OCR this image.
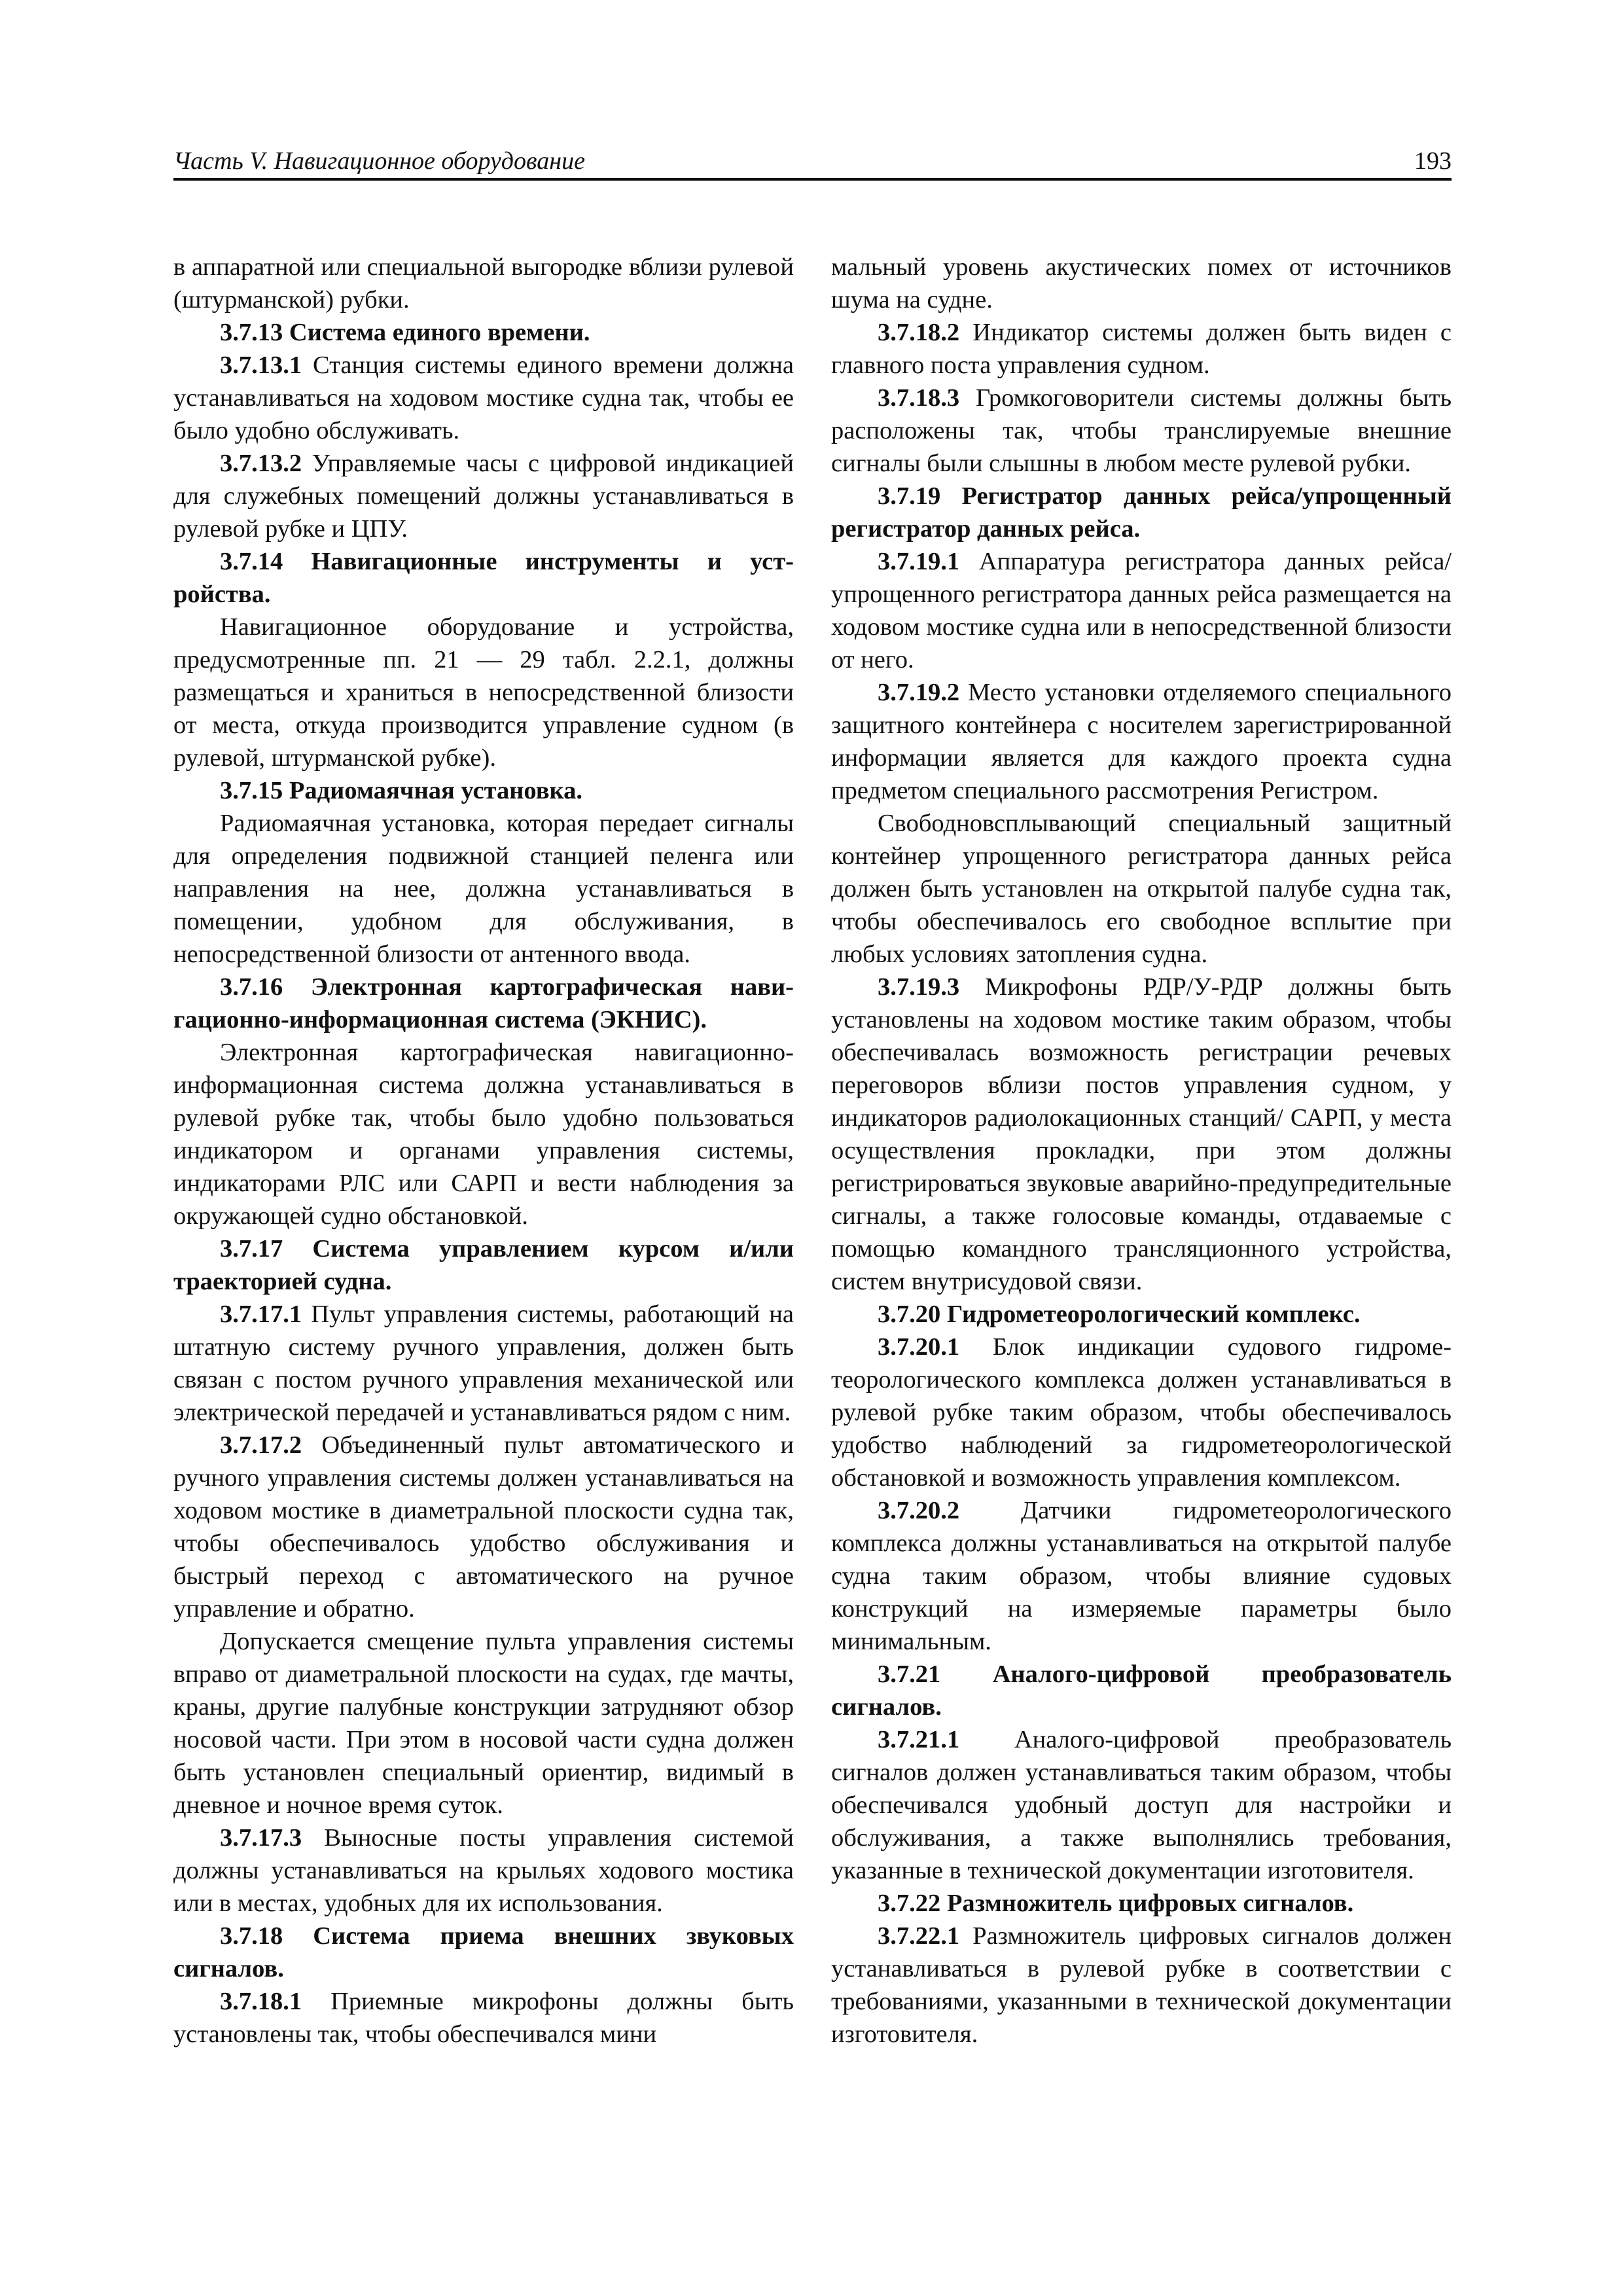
Часть V. Навигационное оборудование	193

в аппаратной или специальной выгородке вблизи рулевой (штурманской) рубки.

3.7.13 Система единого времени.

3.7.13.1 Станция системы единого времени должна устанавливаться на ходовом мостике судна так, чтобы ее было удобно обслуживать.

3.7.13.2 Управляемые часы с цифровой индикацией для служебных помещений должны устанавливаться в рулевой рубке и ЦПУ.

3.7.14 Навигационные инструменты и устройства.

Навигационное оборудование и устройства, предусмотренные пп. 21 — 29 табл. 2.2.1, должны размещаться и храниться в непосредственной близости от места, откуда производится управление судном (в рулевой, штурманской рубке).

3.7.15 Радиомаячная установка.

Радиомаячная установка, которая передает сигналы для определения подвижной станцией пеленга или направления на нее, должна устанавливаться в помещении, удобном для обслуживания, в непосредственной близости от антенного ввода.

3.7.16 Электронная картографическая навигационно-информационная система (ЭКНИС).

Электронная картографическая навигационно-информационная система должна устанавливаться в рулевой рубке так, чтобы было удобно пользоваться индикатором и органами управления системы, индикаторами РЛС или САРП и вести наблюдения за окружающей судно обстановкой.

3.7.17 Система управлением курсом и/или траекторией судна.

3.7.17.1 Пульт управления системы, работающий на штатную систему ручного управления, должен быть связан с постом ручного управления механической или электрической передачей и устанавливаться рядом с ним.

3.7.17.2 Объединенный пульт автоматического и ручного управления системы должен устанавливаться на ходовом мостике в диаметральной плоскости судна так, чтобы обеспечивалось удобство обслуживания и быстрый переход с автоматического на ручное управление и обратно.

Допускается смещение пульта управления системы вправо от диаметральной плоскости на судах, где мачты, краны, другие палубные конструкции затрудняют обзор носовой части. При этом в носовой части судна должен быть установлен специальный ориентир, видимый в дневное и ночное время суток.

3.7.17.3 Выносные посты управления системой должны устанавливаться на крыльях ходового мостика или в местах, удобных для их использования.

3.7.18 Система приема внешних звуковых сигналов.

3.7.18.1 Приемные микрофоны должны быть установлены так, чтобы обеспечивался мини

мальный уровень акустических помех от источников шума на судне.

3.7.18.2 Индикатор системы должен быть виден с главного поста управления судном.

3.7.18.3 Громкоговорители системы должны быть расположены так, чтобы транслируемые внешние сигналы были слышны в любом месте рулевой рубки.

3.7.19 Регистратор данных рейса/упрощенный регистратор данных рейса.

3.7.19.1 Аппаратура регистратора данных рейса/ упрощенного регистратора данных рейса размещается на ходовом мостике судна или в непосредственной близости от него.

3.7.19.2 Место установки отделяемого специального защитного контейнера с носителем зарегистрированной информации является для каждого проекта судна предметом специального рассмотрения Регистром.

Свободновсплывающий специальный защитный контейнер упрощенного регистратора данных рейса должен быть установлен на открытой палубе судна так, чтобы обеспечивалось его свободное всплытие при любых условиях затопления судна.

3.7.19.3 Микрофоны РДР/У-РДР должны быть установлены на ходовом мостике таким образом, чтобы обеспечивалась возможность регистрации речевых переговоров вблизи постов управления судном, у индикаторов радиолокационных станций/ САРП, у места осуществления прокладки, при этом должны регистрироваться звуковые аварийно-предупредительные сигналы, а также голосовые команды, отдаваемые с помощью командного трансляционного устройства, систем внутрисудовой связи.

3.7.20 Гидрометеорологический комплекс.

3.7.20.1 Блок индикации судового гидрометеорологического комплекса должен устанавливаться в рулевой рубке таким образом, чтобы обеспечивалось удобство наблюдений за гидрометеорологической обстановкой и возможность управления комплексом.

3.7.20.2 Датчики гидрометеорологического комплекса должны устанавливаться на открытой палубе судна таким образом, чтобы влияние судовых конструкций на измеряемые параметры было минимальным.

3.7.21 Аналого-цифровой преобразователь сигналов.

3.7.21.1 Аналого-цифровой преобразователь сигналов должен устанавливаться таким образом, чтобы обеспечивался удобный доступ для настройки и обслуживания, а также выполнялись требования, указанные в технической документации изготовителя.

3.7.22 Размножитель цифровых сигналов.

3.7.22.1 Размножитель цифровых сигналов должен устанавливаться в рулевой рубке в соответствии с требованиями, указанными в технической документации изготовителя.
